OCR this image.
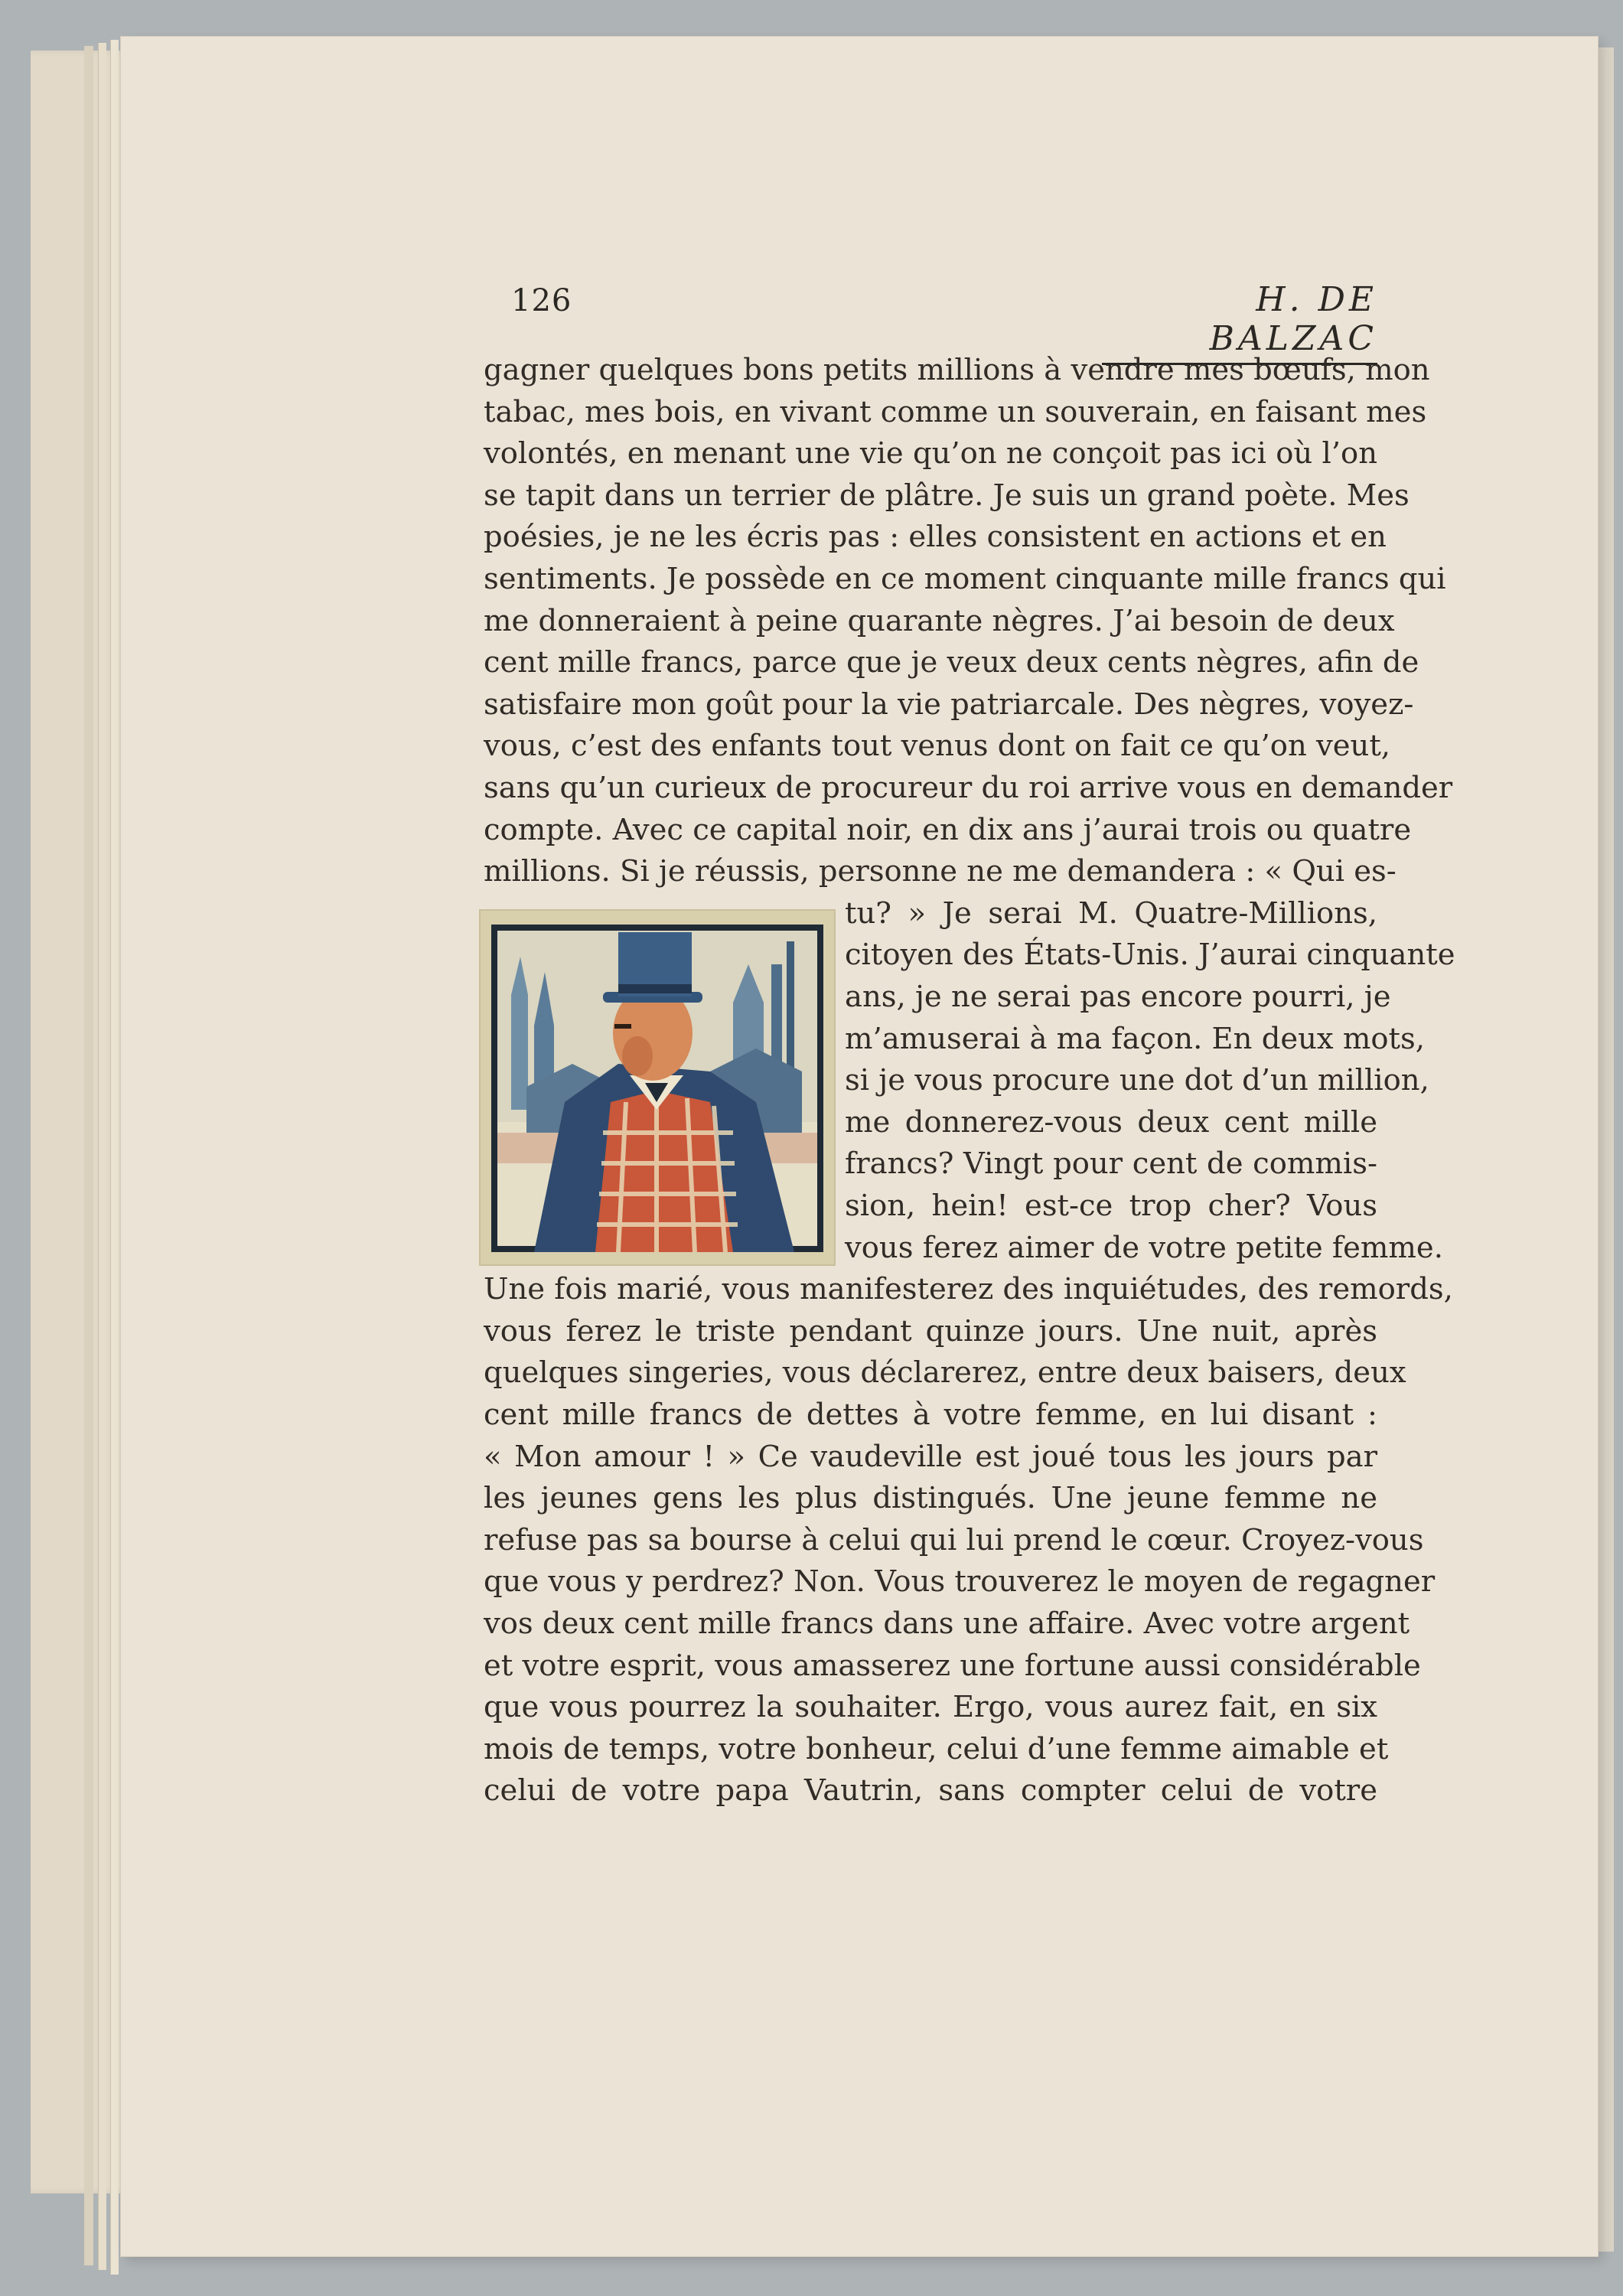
126	H. DE BALZAC
gagner quelques bons petits millions à vendre mes bœufs, mon
tabac, mes bois, en vivant comme un souverain, en faisant mes
volontés, en menant une vie qu’on ne conçoit pas ici où l’on
se tapit dans un terrier de plâtre. Je suis un grand poète. Mes
poésies, je ne les écris pas : elles consistent en actions et en
sentiments. Je possède en ce moment cinquante mille francs qui
me donneraient à peine quarante nègres. J’ai besoin de deux
cent mille francs, parce que je veux deux cents nègres, afin de
satisfaire mon goût pour la vie patriarcale. Des nègres, voyez-
vous, c’est des enfants tout venus dont on fait ce qu’on veut,
sans qu’un curieux de procureur du roi arrive vous en demander
compte. Avec ce capital noir, en dix ans j’aurai trois ou quatre
millions. Si je réussis, personne ne me demandera : « Qui es-
tu? » Je serai M. Quatre-Millions,
citoyen des États-Unis. J’aurai cinquante
ans, je ne serai pas encore pourri, je
m’amuserai à ma façon. En deux mots,
si je vous procure une dot d’un million,
me donnerez-vous deux cent mille
francs? Vingt pour cent de commis-
sion, hein! est-ce trop cher? Vous
vous ferez aimer de votre petite femme.
Une fois marié, vous manifesterez des inquiétudes, des remords,
vous ferez le triste pendant quinze jours. Une nuit, après
quelques singeries, vous déclarerez, entre deux baisers, deux
cent mille francs de dettes à votre femme, en lui disant :
« Mon amour ! » Ce vaudeville est joué tous les jours par
les jeunes gens les plus distingués. Une jeune femme ne
refuse pas sa bourse à celui qui lui prend le cœur. Croyez-vous
que vous y perdrez? Non. Vous trouverez le moyen de regagner
vos deux cent mille francs dans une affaire. Avec votre argent
et votre esprit, vous amasserez une fortune aussi considérable
que vous pourrez la souhaiter. Ergo, vous aurez fait, en six
mois de temps, votre bonheur, celui d’une femme aimable et
celui de votre papa Vautrin, sans compter celui de votre
